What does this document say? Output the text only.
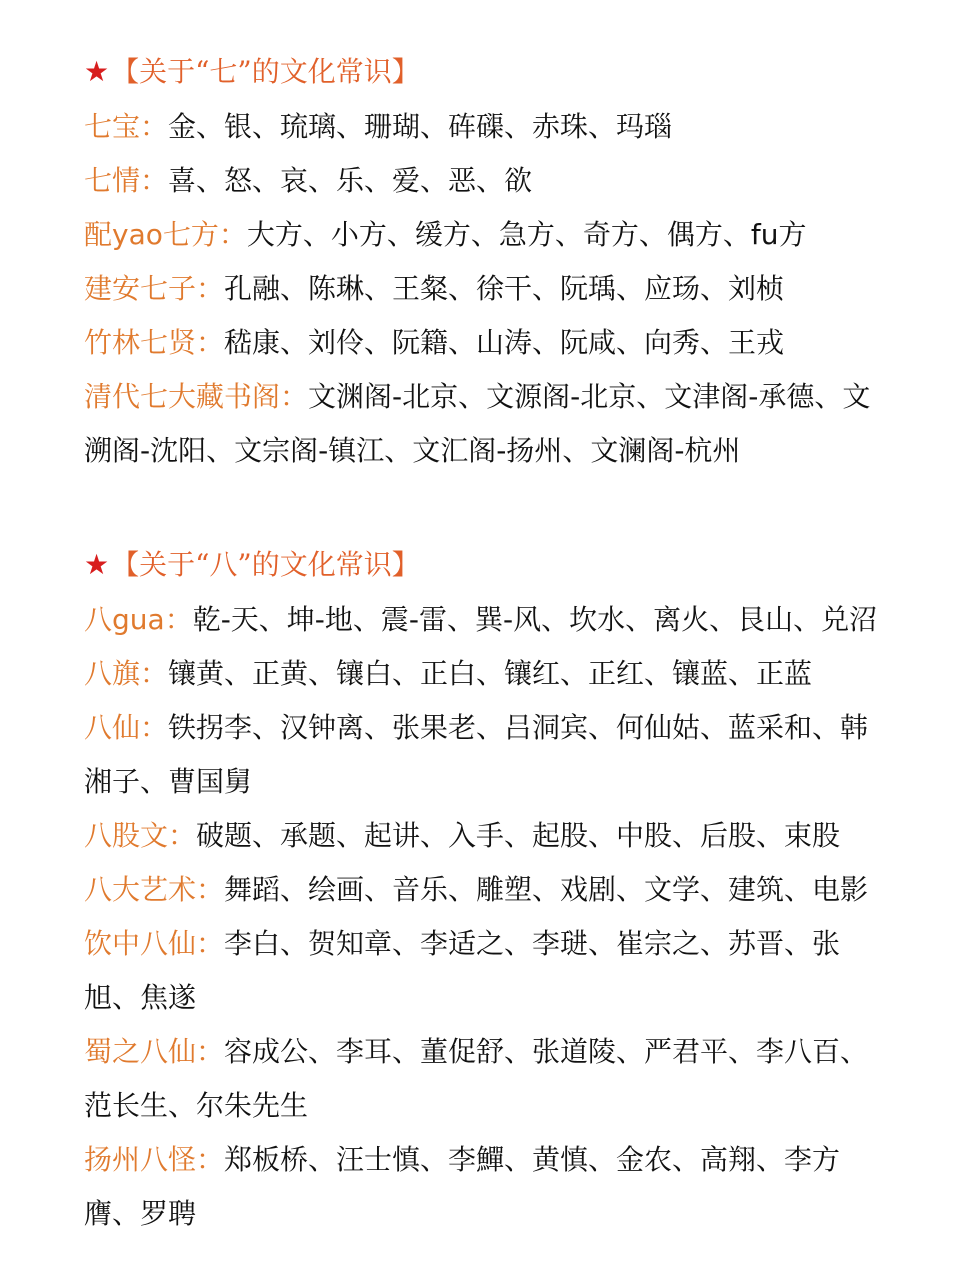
★【关于“七”的文化常识】
七宝：金、银、琉璃、珊瑚、砗磲、赤珠、玛瑙
七情：喜、怒、哀、乐、爱、恶、欲
配yao七方：大方、小方、缓方、急方、奇方、偶方、fu方
建安七子：孔融、陈琳、王粲、徐干、阮瑀、应玚、刘桢
竹林七贤：嵇康、刘伶、阮籍、山涛、阮咸、向秀、王戎
清代七大藏书阁：文渊阁-北京、文源阁-北京、文津阁-承德、文溯阁-沈阳、文宗阁-镇江、文汇阁-扬州、文澜阁-杭州
★【关于“八”的文化常识】
八gua：乾-天、坤-地、震-雷、巽-风、坎水、离火、艮山、兑沼
八旗：镶黄、正黄、镶白、正白、镶红、正红、镶蓝、正蓝
八仙：铁拐李、汉钟离、张果老、吕洞宾、何仙姑、蓝采和、韩湘子、曹国舅
八股文：破题、承题、起讲、入手、起股、中股、后股、束股
八大艺术：舞蹈、绘画、音乐、雕塑、戏剧、文学、建筑、电影
饮中八仙：李白、贺知章、李适之、李琎、崔宗之、苏晋、张旭、焦遂
蜀之八仙：容成公、李耳、董促舒、张道陵、严君平、李八百、范长生、尔朱先生
扬州八怪：郑板桥、汪士慎、李鱓、黄慎、金农、高翔、李方膺、罗聘
